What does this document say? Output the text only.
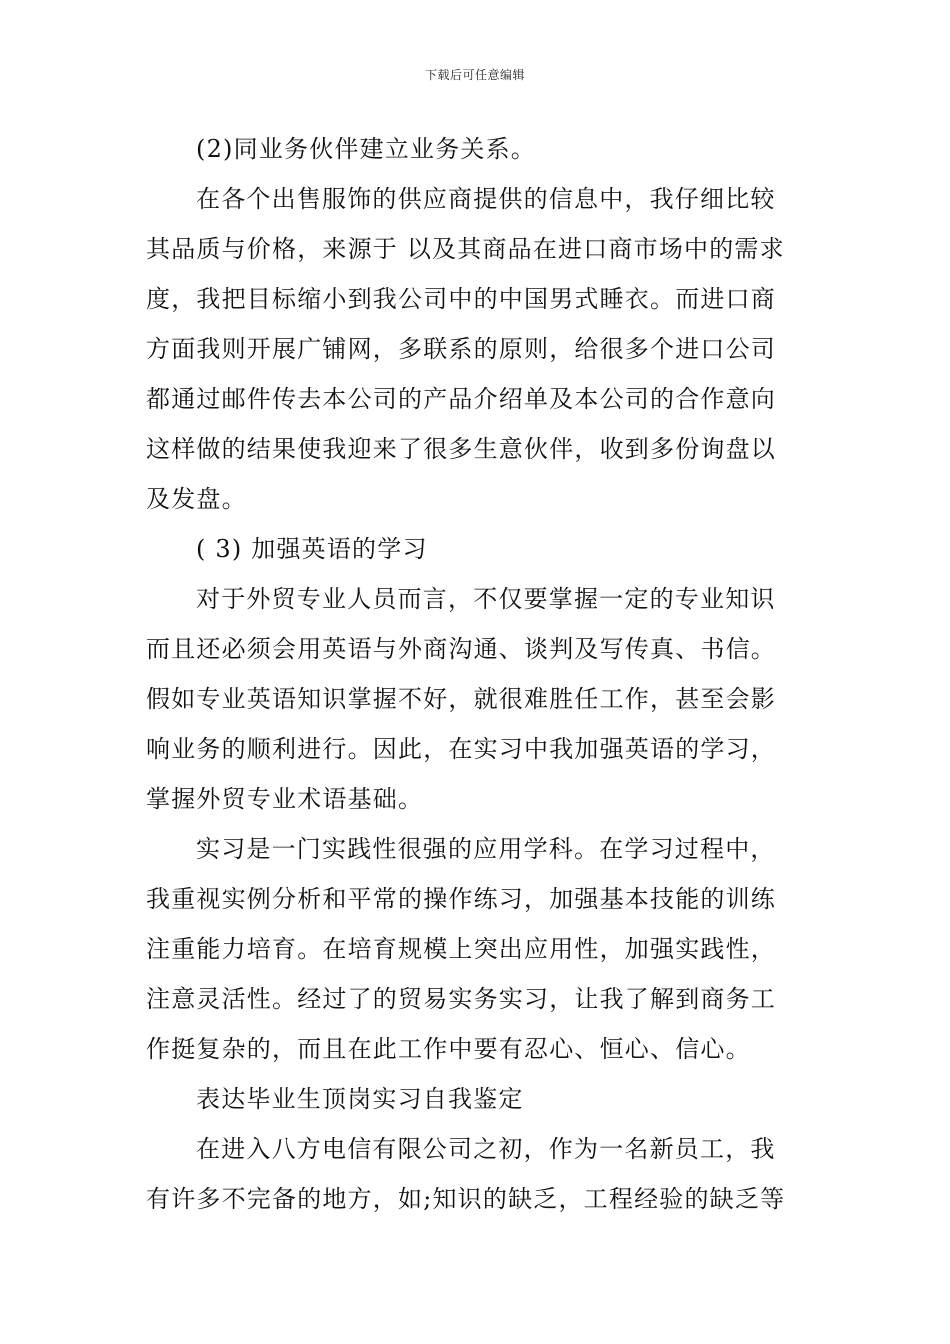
下载后可任意编辑
(2)同业务伙伴建立业务关系。
在各个出售服饰的供应商提供的信息中，我仔细比较
其品质与价格，来源于 以及其商品在进口商市场中的需求
度，我把目标缩小到我公司中的中国男式睡衣。而进口商
方面我则开展广铺网，多联系的原则，给很多个进口公司
都通过邮件传去本公司的产品介绍单及本公司的合作意向
这样做的结果使我迎来了很多生意伙伴，收到多份询盘以
及发盘。
( 3) 加强英语的学习
对于外贸专业人员而言，不仅要掌握一定的专业知识
而且还必须会用英语与外商沟通、谈判及写传真、书信。
假如专业英语知识掌握不好，就很难胜任工作，甚至会影
响业务的顺利进行。因此，在实习中我加强英语的学习，
掌握外贸专业术语基础。
实习是一门实践性很强的应用学科。在学习过程中，
我重视实例分析和平常的操作练习，加强基本技能的训练
注重能力培育。在培育规模上突出应用性，加强实践性，
注意灵活性。经过了的贸易实务实习，让我了解到商务工
作挺复杂的，而且在此工作中要有忍心、恒心、信心。
表达毕业生顶岗实习自我鉴定
在进入八方电信有限公司之初，作为一名新员工，我
有许多不完备的地方，如;知识的缺乏，工程经验的缺乏等
